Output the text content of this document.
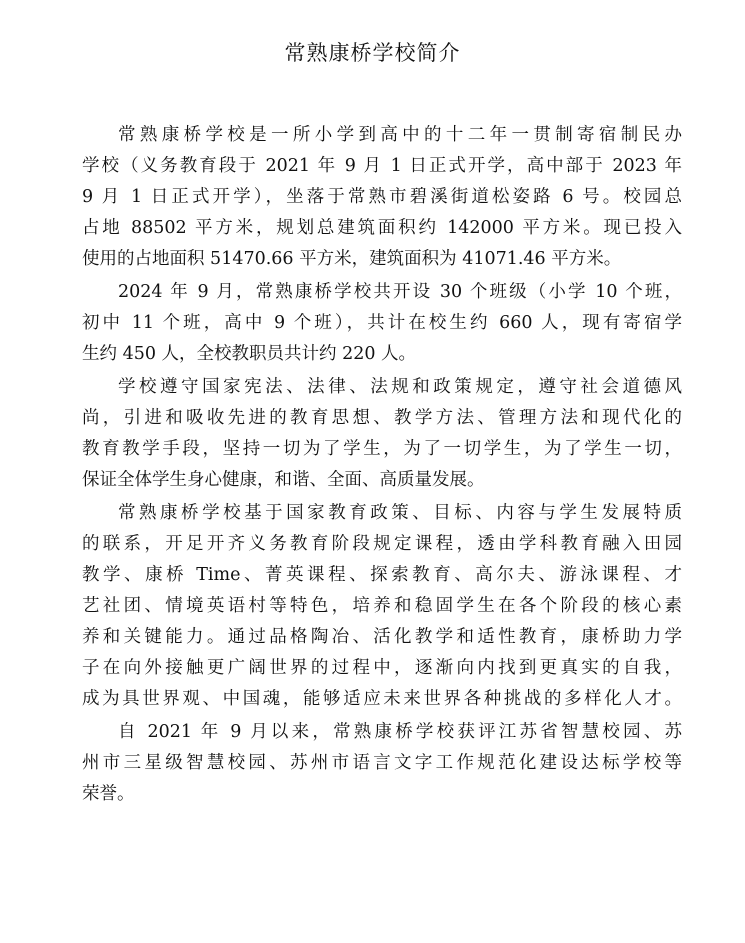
常熟康桥学校简介
常熟康桥学校是一所小学到高中的十二年一贯制寄宿制民办
学校（义务教育段于 2021 年 9 月 1 日正式开学，高中部于 2023 年
9 月 1 日正式开学），坐落于常熟市碧溪街道松姿路 6 号。校园总
占地 88502 平方米，规划总建筑面积约 142000 平方米。现已投入
使用的占地面积 51470.66 平方米，建筑面积为 41071.46 平方米。
2024 年 9 月，常熟康桥学校共开设 30 个班级（小学 10 个班，
初中 11 个班，高中 9 个班），共计在校生约 660 人，现有寄宿学
生约 450 人，全校教职员共计约 220 人。
学校遵守国家宪法、法律、法规和政策规定，遵守社会道德风
尚，引进和吸收先进的教育思想、教学方法、管理方法和现代化的
教育教学手段，坚持一切为了学生，为了一切学生，为了学生一切，
保证全体学生身心健康，和谐、全面、高质量发展。
常熟康桥学校基于国家教育政策、目标、内容与学生发展特质
的联系，开足开齐义务教育阶段规定课程，透由学科教育融入田园
教学、康桥 Time、菁英课程、探索教育、高尔夫、游泳课程、才
艺社团、情境英语村等特色，培养和稳固学生在各个阶段的核心素
养和关键能力。通过品格陶冶、活化教学和适性教育，康桥助力学
子在向外接触更广阔世界的过程中，逐渐向内找到更真实的自我，
成为具世界观、中国魂，能够适应未来世界各种挑战的多样化人才。
自 2021 年 9 月以来，常熟康桥学校获评江苏省智慧校园、苏
州市三星级智慧校园、苏州市语言文字工作规范化建设达标学校等
荣誉。
